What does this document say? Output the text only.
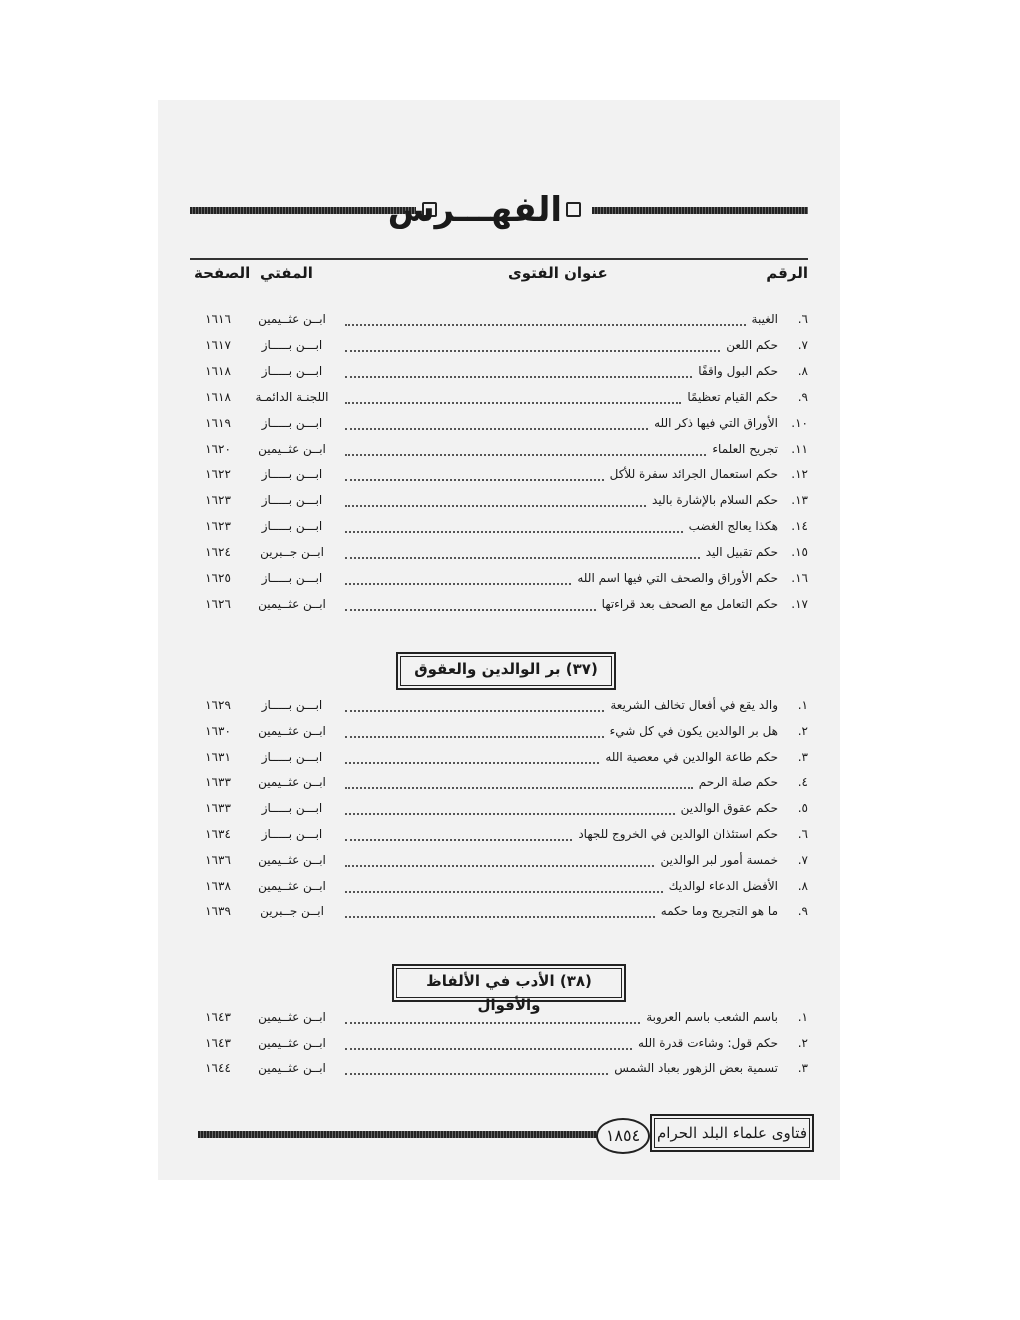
الفهـــرس
الرقم
عنوان الفتوى
المفتي
الصفحة
٦.
الغيبة
ابــن عثــيمين
١٦١٦
٧.
حكم اللعن
ابـــن بـــــاز
١٦١٧
٨.
حكم البول واقفًا
ابـــن بـــــاز
١٦١٨
٩.
حكم القيام تعظيمًا
اللجنـة الدائمـة
١٦١٨
١٠.
الأوراق التي فيها ذكر الله
ابـــن بـــــاز
١٦١٩
١١.
تجريح العلماء
ابــن عثــيمين
١٦٢٠
١٢.
حكم استعمال الجرائد سفرة للأكل
ابـــن بـــــاز
١٦٢٢
١٣.
حكم السلام بالإشارة باليد
ابـــن بـــــاز
١٦٢٣
١٤.
هكذا يعالج الغضب
ابـــن بـــــاز
١٦٢٣
١٥.
حكم تقبيل اليد
ابــن جــبرين
١٦٢٤
١٦.
حكم الأوراق والصحف التي فيها اسم الله
ابـــن بـــــاز
١٦٢٥
١٧.
حكم التعامل مع الصحف بعد قراءتها
ابــن عثــيمين
١٦٢٦
(٣٧) بر الوالدين والعقوق
١.
والد يقع في أفعال تخالف الشريعة
ابـــن بـــــاز
١٦٢٩
٢.
هل بر الوالدين يكون في كل شيء
ابــن عثــيمين
١٦٣٠
٣.
حكم طاعة الوالدين في معصية الله
ابـــن بـــــاز
١٦٣١
٤.
حكم صلة الرحم
ابــن عثــيمين
١٦٣٣
٥.
حكم عقوق الوالدين
ابـــن بـــــاز
١٦٣٣
٦.
حكم استئذان الوالدين في الخروج للجهاد
ابـــن بـــــاز
١٦٣٤
٧.
خمسة أمور لبر الوالدين
ابــن عثــيمين
١٦٣٦
٨.
الأفضل الدعاء لوالديك
ابــن عثــيمين
١٦٣٨
٩.
ما هو التجريح وما حكمه
ابــن جــبرين
١٦٣٩
(٣٨) الأدب في الألفاظ والأقوال
١.
باسم الشعب باسم العروبة
ابــن عثــيمين
١٦٤٣
٢.
حكم قول: وشاءت قدرة الله
ابــن عثــيمين
١٦٤٣
٣.
تسمية بعض الزهور بعباد الشمس
ابــن عثــيمين
١٦٤٤
١٨٥٤	فتاوى علماء البلد الحرام
